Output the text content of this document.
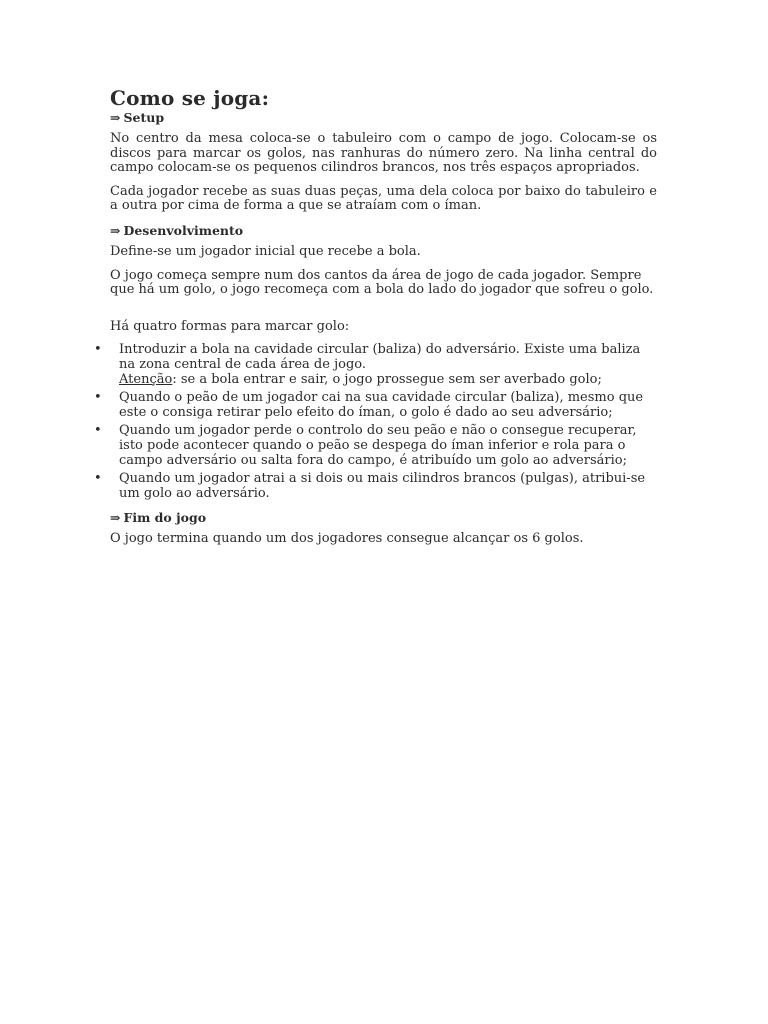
Como se joga:
⇒ Setup

No centro da mesa coloca-se o tabuleiro com o campo de jogo. Colocam-se os discos para marcar os golos, nas ranhuras do número zero. Na linha central do campo colocam-se os pequenos cilindros brancos, nos três espaços apropriados.

Cada jogador recebe as suas duas peças, uma dela coloca por baixo do tabuleiro e a outra por cima de forma a que se atraíam com o íman.

⇒ Desenvolvimento

Define-se um jogador inicial que recebe a bola.

O jogo começa sempre num dos cantos da área de jogo de cada jogador. Sempre que há um golo, o jogo recomeça com a bola do lado do jogador que sofreu o golo.

Há quatro formas para marcar golo:

• Introduzir a bola na cavidade circular (baliza) do adversário. Existe uma baliza na zona central de cada área de jogo.
Atenção: se a bola entrar e sair, o jogo prossegue sem ser averbado golo;
• Quando o peão de um jogador cai na sua cavidade circular (baliza), mesmo que este o consiga retirar pelo efeito do íman, o golo é dado ao seu adversário;
• Quando um jogador perde o controlo do seu peão e não o consegue recuperar, isto pode acontecer quando o peão se despega do íman inferior e rola para o campo adversário ou salta fora do campo, é atribuído um golo ao adversário;
• Quando um jogador atrai a si dois ou mais cilindros brancos (pulgas), atribui-se um golo ao adversário.
⇒ Fim do jogo

O jogo termina quando um dos jogadores consegue alcançar os 6 golos.
